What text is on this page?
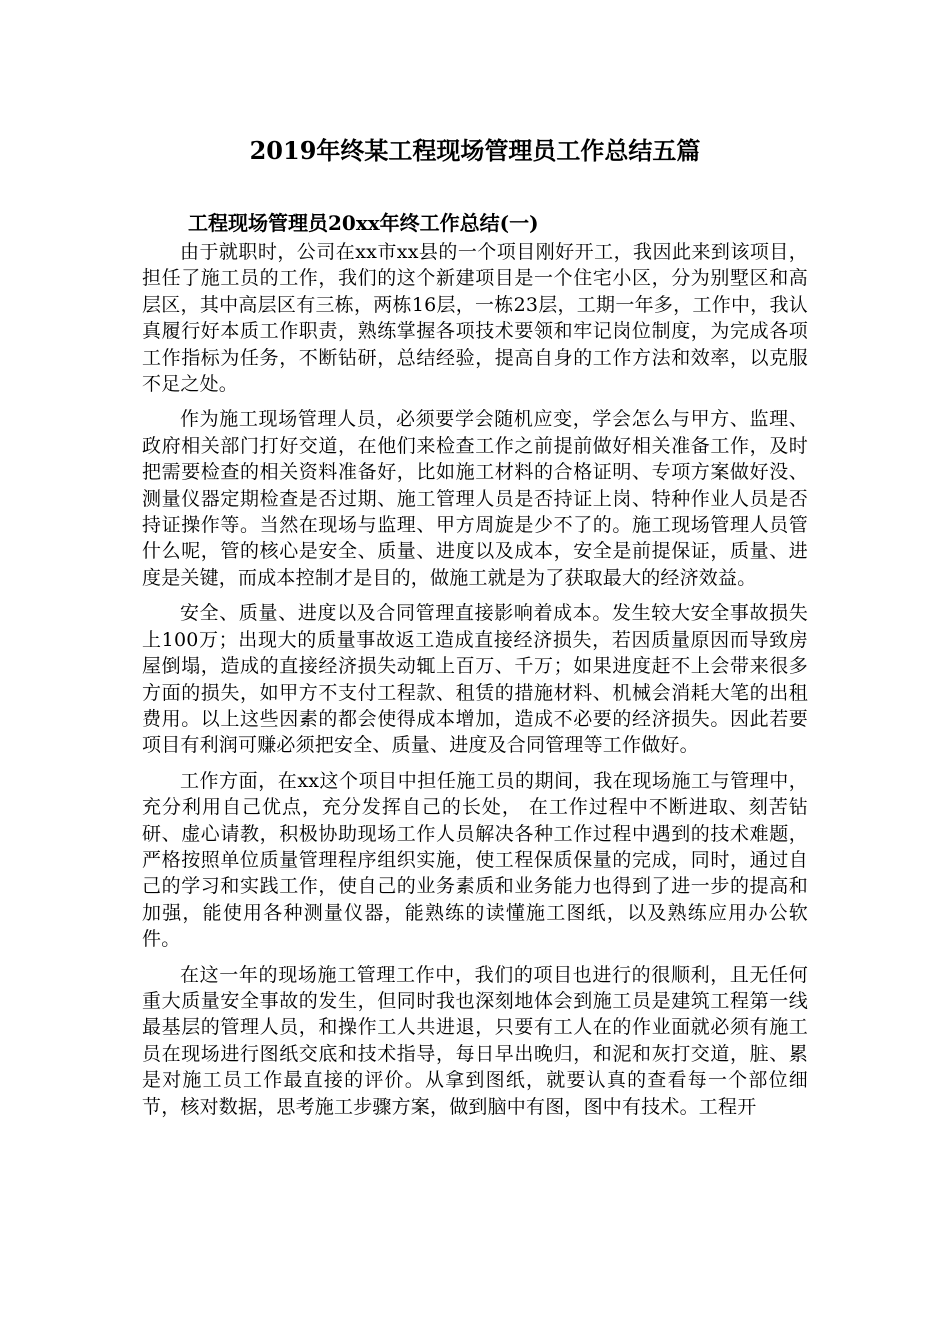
2019年终某工程现场管理员工作总结五篇
工程现场管理员20xx年终工作总结(一)

由于就职时，公司在xx市xx县的一个项目刚好开工，我因此来到该项目，担任了施工员的工作，我们的这个新建项目是一个住宅小区，分为别墅区和高层区，其中高层区有三栋，两栋16层，一栋23层，工期一年多，工作中，我认真履行好本质工作职责，熟练掌握各项技术要领和牢记岗位制度，为完成各项工作指标为任务，不断钻研，总结经验，提高自身的工作方法和效率，以克服不足之处。

作为施工现场管理人员，必须要学会随机应变，学会怎么与甲方、监理、政府相关部门打好交道，在他们来检查工作之前提前做好相关准备工作，及时把需要检查的相关资料准备好，比如施工材料的合格证明、专项方案做好没、测量仪器定期检查是否过期、施工管理人员是否持证上岗、特种作业人员是否持证操作等。当然在现场与监理、甲方周旋是少不了的。施工现场管理人员管什么呢，管的核心是安全、质量、进度以及成本，安全是前提保证，质量、进度是关键，而成本控制才是目的，做施工就是为了获取最大的经济效益。

安全、质量、进度以及合同管理直接影响着成本。发生较大安全事故损失上100万；出现大的质量事故返工造成直接经济损失，若因质量原因而导致房屋倒塌，造成的直接经济损失动辄上百万、千万；如果进度赶不上会带来很多方面的损失，如甲方不支付工程款、租赁的措施材料、机械会消耗大笔的出租费用。以上这些因素的都会使得成本增加，造成不必要的经济损失。因此若要项目有利润可赚必须把安全、质量、进度及合同管理等工作做好。

工作方面，在xx这个项目中担任施工员的期间，我在现场施工与管理中，充分利用自己优点，充分发挥自己的长处， 在工作过程中不断进取、刻苦钻研、虚心请教，积极协助现场工作人员解决各种工作过程中遇到的技术难题，严格按照单位质量管理程序组织实施，使工程保质保量的完成，同时，通过自己的学习和实践工作，使自己的业务素质和业务能力也得到了进一步的提高和加强，能使用各种测量仪器，能熟练的读懂施工图纸，以及熟练应用办公软件。

在这一年的现场施工管理工作中，我们的项目也进行的很顺利，且无任何重大质量安全事故的发生，但同时我也深刻地体会到施工员是建筑工程第一线最基层的管理人员，和操作工人共进退，只要有工人在的作业面就必须有施工员在现场进行图纸交底和技术指导，每日早出晚归，和泥和灰打交道，脏、累是对施工员工作最直接的评价。从拿到图纸，就要认真的查看每一个部位细节，核对数据，思考施工步骤方案，做到脑中有图，图中有技术。工程开
